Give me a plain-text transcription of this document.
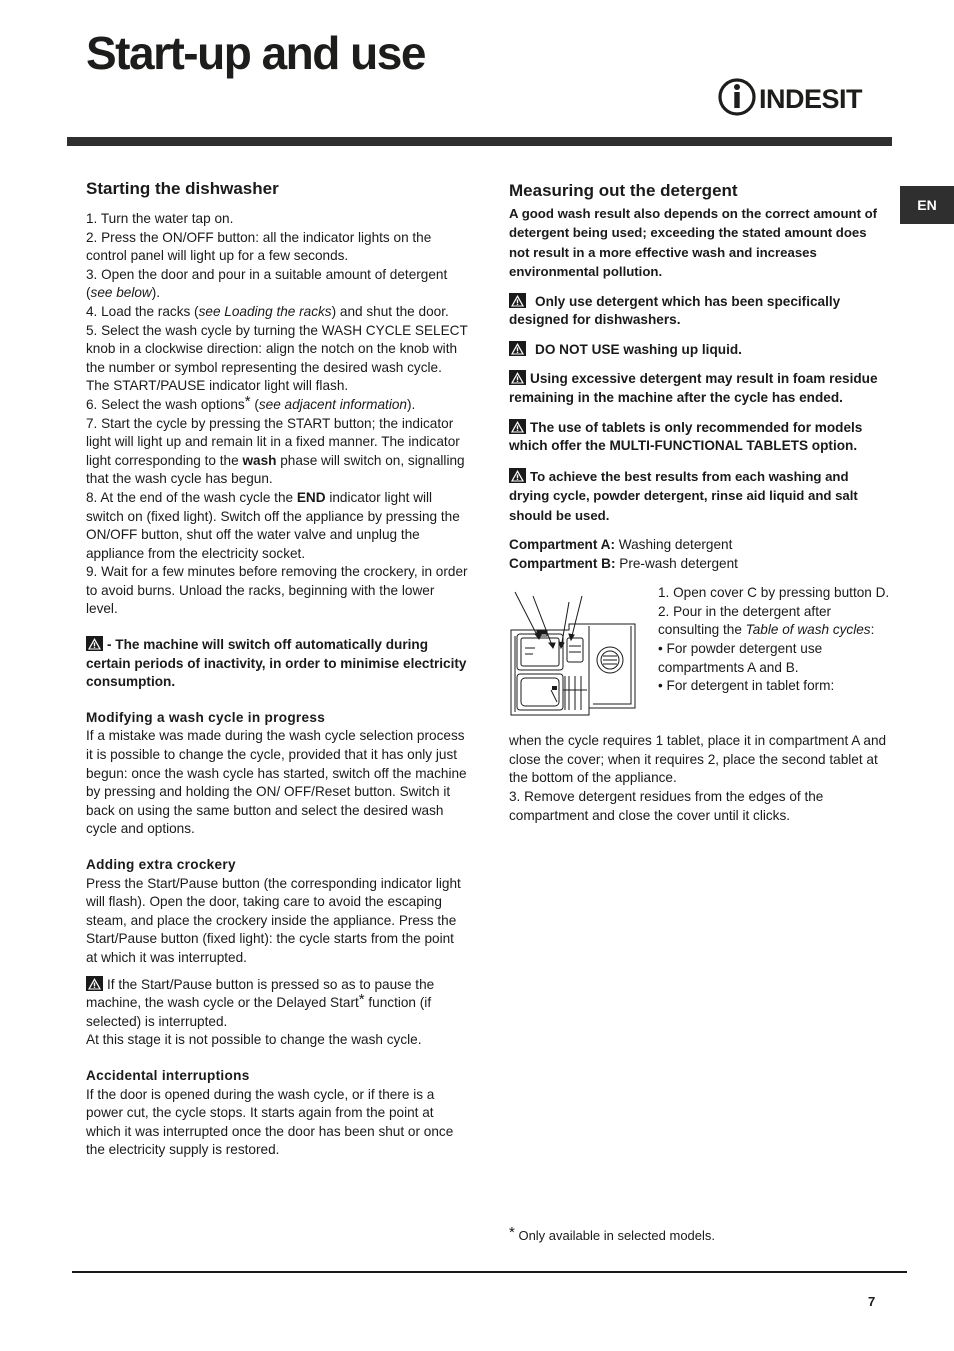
Start-up and use
INDESIT
EN
Starting the dishwasher

1. Turn the water tap on.

2. Press the ON/OFF button: all the indicator lights on the control panel will light up for a few seconds.

3. Open the door and pour in a suitable amount of detergent (see below).

4. Load the racks (see Loading the racks) and shut the door.

5. Select the wash cycle by turning the WASH CYCLE SELECT knob in a clockwise direction: align the notch on the knob with the number or symbol representing the desired wash cycle. The START/PAUSE indicator light will flash.

6. Select the wash options* (see adjacent information).

7. Start the cycle by pressing the START button; the indicator light will light up and remain lit in a fixed manner. The indicator light corresponding to the wash phase will switch on, signalling that the wash cycle has begun.

8. At the end of the wash cycle the END indicator light will switch on (fixed light). Switch off the appliance by pressing the ON/OFF button, shut off the water valve and unplug the appliance from the electricity socket.

9. Wait for a few minutes before removing the crockery, in order to avoid burns. Unload the racks, beginning with the lower level.

- The machine will switch off automatically during certain periods of inactivity, in order to minimise electricity consumption.

Modifying a wash cycle in progress

If a mistake was made during the wash cycle selection process it is possible to change the cycle, provided that it has only just begun: once the wash cycle has started, switch off the machine by pressing and holding the ON/ OFF/Reset button. Switch it back on using the same button and select the desired wash cycle and options.

Adding extra crockery

Press the Start/Pause button (the corresponding indicator light will flash). Open the door, taking care to avoid the escaping steam, and place the crockery inside the appliance. Press the Start/Pause button (fixed light): the cycle starts from the point at which it was interrupted.

If the Start/Pause button is pressed so as to pause the machine, the wash cycle or the Delayed Start* function (if selected) is interrupted.

At this stage it is not possible to change the wash cycle.

Accidental interruptions

If the door is opened during the wash cycle, or if there is a power cut, the cycle stops. It starts again from the point at which it was interrupted once the door has been shut or once the electricity supply is restored.

Measuring out the detergent

A good wash result also depends on the correct amount of detergent being used; exceeding the stated amount does not result in a more effective wash and increases environmental pollution.

Only use detergent which has been specifically designed for dishwashers.

DO NOT USE washing up liquid.

Using excessive detergent may result in foam residue remaining in the machine after the cycle has ended.

The use of tablets is only recommended for models which offer the MULTI-FUNCTIONAL TABLETS option.

To achieve the best results from each washing and drying cycle, powder detergent, rinse aid liquid and salt should be used.

Compartment A: Washing detergent

Compartment B: Pre-wash detergent

1. Open cover C by pressing button D.

2. Pour in the detergent after consulting the Table of wash cycles:

• For powder detergent use compartments A and B.

• For detergent in tablet form:

when the cycle requires 1 tablet, place it in compartment A and close the cover; when it requires 2, place the second tablet at the bottom of the appliance.

3. Remove detergent residues from the edges of the compartment and close the cover until it clicks.

* Only available in selected models.
7
